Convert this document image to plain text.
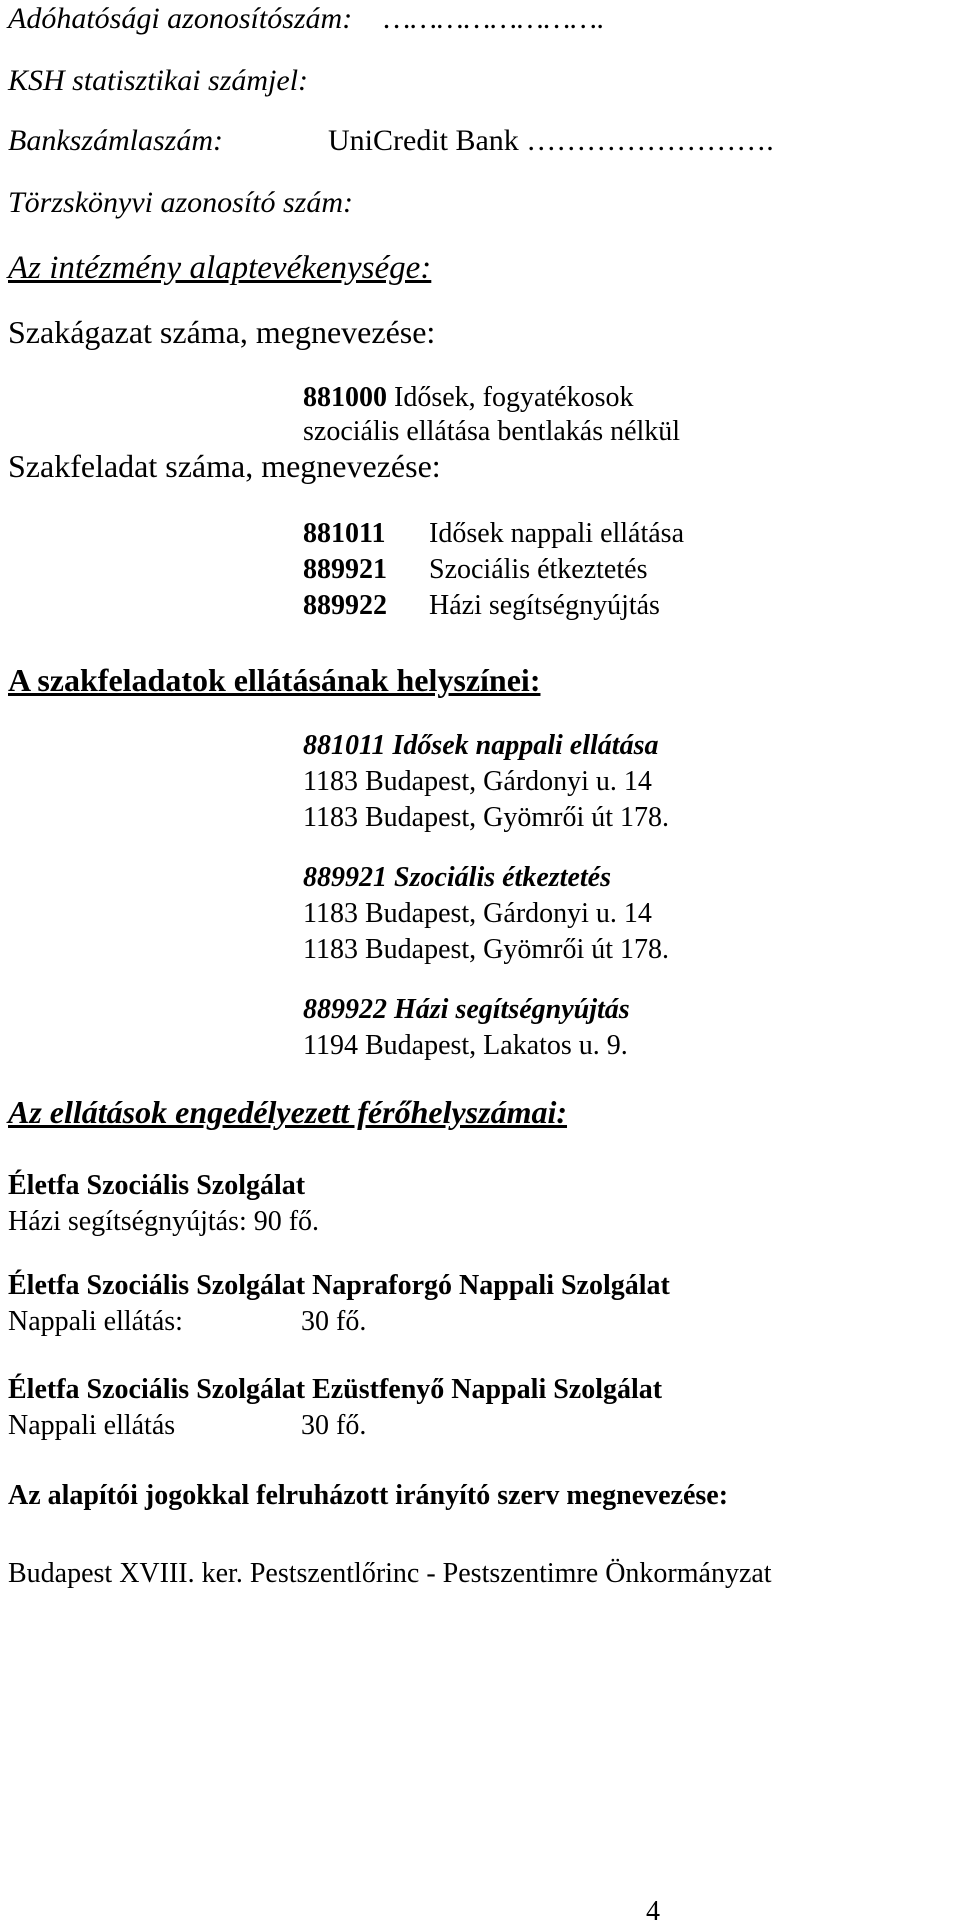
Adóhatósági azonosítószám: …………………….
KSH statisztikai számjel:
Bankszámlaszám:	UniCredit Bank …………………….
Törzskönyvi azonosító szám:
Az intézmény alaptevékenysége:
Szakágazat száma, megnevezése:
881000 Idősek, fogyatékosok
szociális ellátása bentlakás nélkül
Szakfeladat száma, megnevezése:
881011 Idősek nappali ellátása
889921 Szociális étkeztetés
889922 Házi segítségnyújtás
A szakfeladatok ellátásának helyszínei:
881011 Idősek nappali ellátása
1183 Budapest, Gárdonyi u. 14
1183 Budapest, Gyömrői út 178.
889921 Szociális étkeztetés
1183 Budapest, Gárdonyi u. 14
1183 Budapest, Gyömrői út 178.
889922 Házi segítségnyújtás
1194 Budapest, Lakatos u. 9.
Az ellátások engedélyezett férőhelyszámai:
Életfa Szociális Szolgálat
Házi segítségnyújtás: 90 fő.
Életfa Szociális Szolgálat Napraforgó Nappali Szolgálat
Nappali ellátás:	30 fő.
Életfa Szociális Szolgálat Ezüstfenyő Nappali Szolgálat
Nappali ellátás	30 fő.
Az alapítói jogokkal felruházott irányító szerv megnevezése:
Budapest XVIII. ker. Pestszentlőrinc - Pestszentimre Önkormányzat
4
